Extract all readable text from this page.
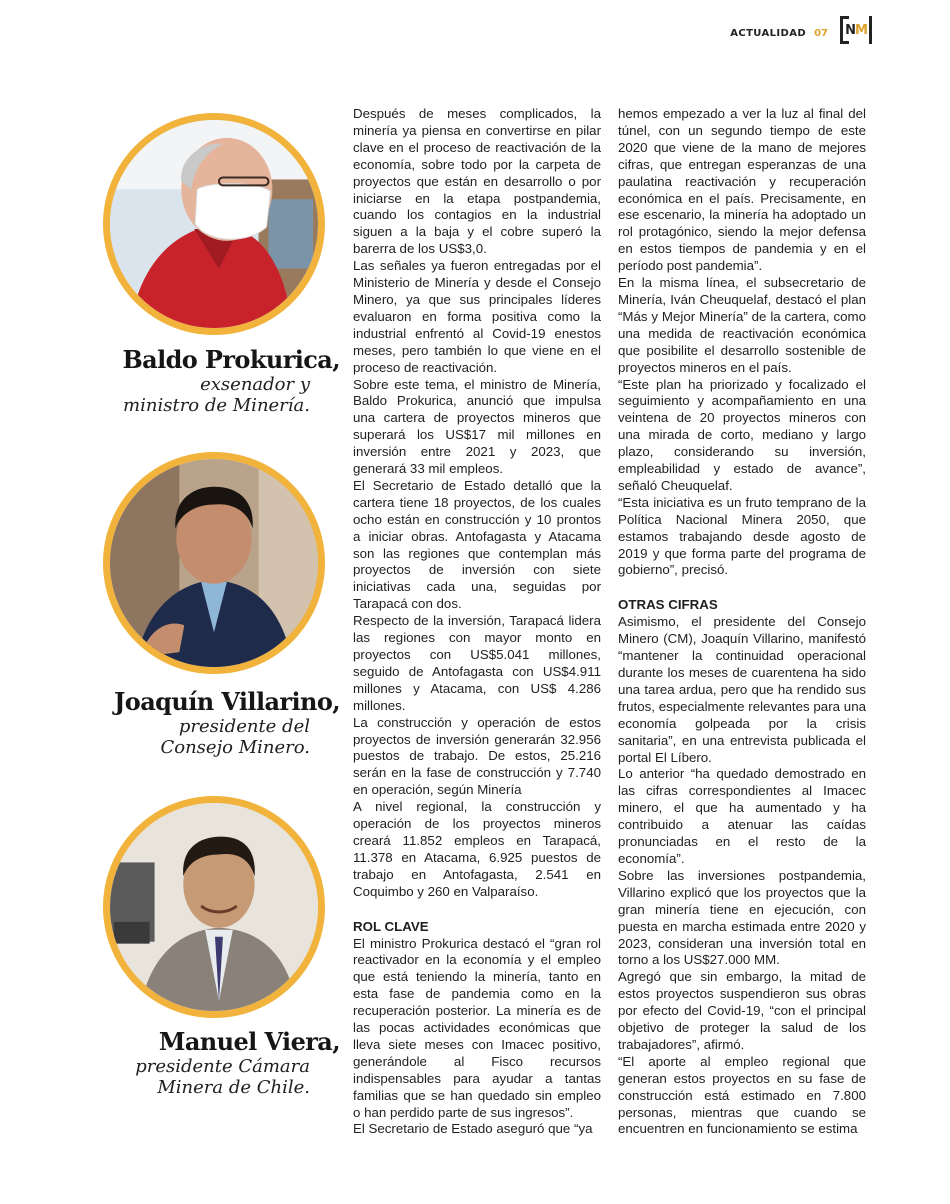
ACTUALIDAD 07 N M
Baldo Prokurica,
exsenador y
ministro de Minería.
Joaquín Villarino,
presidente del
Consejo Minero.
Manuel Viera,
presidente Cámara
Minera de Chile.

Después de meses complicados, la minería ya piensa en convertirse en pilar clave en el proceso de reactivación de la economía, sobre todo por la carpeta de proyectos que están en desarrollo o por iniciarse en la etapa postpandemia, cuando los contagios en la industrial siguen a la baja y el cobre superó la barerra de los US$3,0.

Las señales ya fueron entregadas por el Ministerio de Minería y desde el Consejo Minero, ya que sus principales líderes evaluaron en forma positiva como la industrial enfrentó al Covid-19 enestos meses, pero también lo que viene en el proceso de reactivación.

Sobre este tema, el ministro de Minería, Baldo Prokurica, anunció que impulsa una cartera de proyectos mineros que superará los US$17 mil millones en inversión entre 2021 y 2023, que generará 33 mil empleos.

El Secretario de Estado detalló que la cartera tiene 18 proyectos, de los cuales ocho están en construcción y 10 prontos a iniciar obras. Antofagasta y Atacama son las regiones que contemplan más proyectos de inversión con siete iniciativas cada una, seguidas por Tarapacá con dos.

Respecto de la inversión, Tarapacá lidera las regiones con mayor monto en proyectos con US$5.041 millones, seguido de Antofagasta con US$4.911 millones y Atacama, con US$ 4.286 millones.

La construcción y operación de estos proyectos de inversión generarán 32.956 puestos de trabajo. De estos, 25.216 serán en la fase de construcción y 7.740 en operación, según Minería

A nivel regional, la construcción y operación de los proyectos mineros creará 11.852 empleos en Tarapacá, 11.378 en Atacama, 6.925 puestos de trabajo en Antofagasta, 2.541 en Coquimbo y 260 en Valparaíso.

ROL CLAVE

El ministro Prokurica destacó el “gran rol reactivador en la economía y el empleo que está teniendo la minería, tanto en esta fase de pandemia como en la recuperación posterior. La minería es de las pocas actividades económicas que lleva siete meses con Imacec positivo, generándole al Fisco recursos indispensables para ayudar a tantas familias que se han quedado sin empleo o han perdido parte de sus ingresos”.

El Secretario de Estado aseguró que “ya

hemos empezado a ver la luz al final del túnel, con un segundo tiempo de este 2020 que viene de la mano de mejores cifras, que entregan esperanzas de una paulatina reactivación y recuperación económica en el país. Precisamente, en ese escenario, la minería ha adoptado un rol protagónico, siendo la mejor defensa en estos tiempos de pandemia y en el período post pandemia”.

En la misma línea, el subsecretario de Minería, Iván Cheuquelaf, destacó el plan “Más y Mejor Minería” de la cartera, como una medida de reactivación económica que posibilite el desarrollo sostenible de proyectos mineros en el país.

“Este plan ha priorizado y focalizado el seguimiento y acompañamiento en una veintena de 20 proyectos mineros con una mirada de corto, mediano y largo plazo, considerando su inversión, empleabilidad y estado de avance”, señaló Cheuquelaf.

“Esta iniciativa es un fruto temprano de la Política Nacional Minera 2050, que estamos trabajando desde agosto de 2019 y que forma parte del programa de gobierno”, precisó.

OTRAS CIFRAS

Asimismo, el presidente del Consejo Minero (CM), Joaquín Villarino, manifestó “mantener la continuidad operacional durante los meses de cuarentena ha sido una tarea ardua, pero que ha rendido sus frutos, especialmente relevantes para una economía golpeada por la crisis sanitaria”, en una entrevista publicada el portal El Líbero.

Lo anterior “ha quedado demostrado en las cifras correspondientes al Imacec minero, el que ha aumentado y ha contribuido a atenuar las caídas pronunciadas en el resto de la economía”.

Sobre las inversiones postpandemia, Villarino explicó que los proyectos que la gran minería tiene en ejecución, con puesta en marcha estimada entre 2020 y 2023, consideran una inversión total en torno a los US$27.000 MM.

Agregó que sin embargo, la mitad de estos proyectos suspendieron sus obras por efecto del Covid-19, “con el principal objetivo de proteger la salud de los trabajadores”, afirmó.

“El aporte al empleo regional que generan estos proyectos en su fase de construcción está estimado en 7.800 personas, mientras que cuando se encuentren en funcionamiento se estima
